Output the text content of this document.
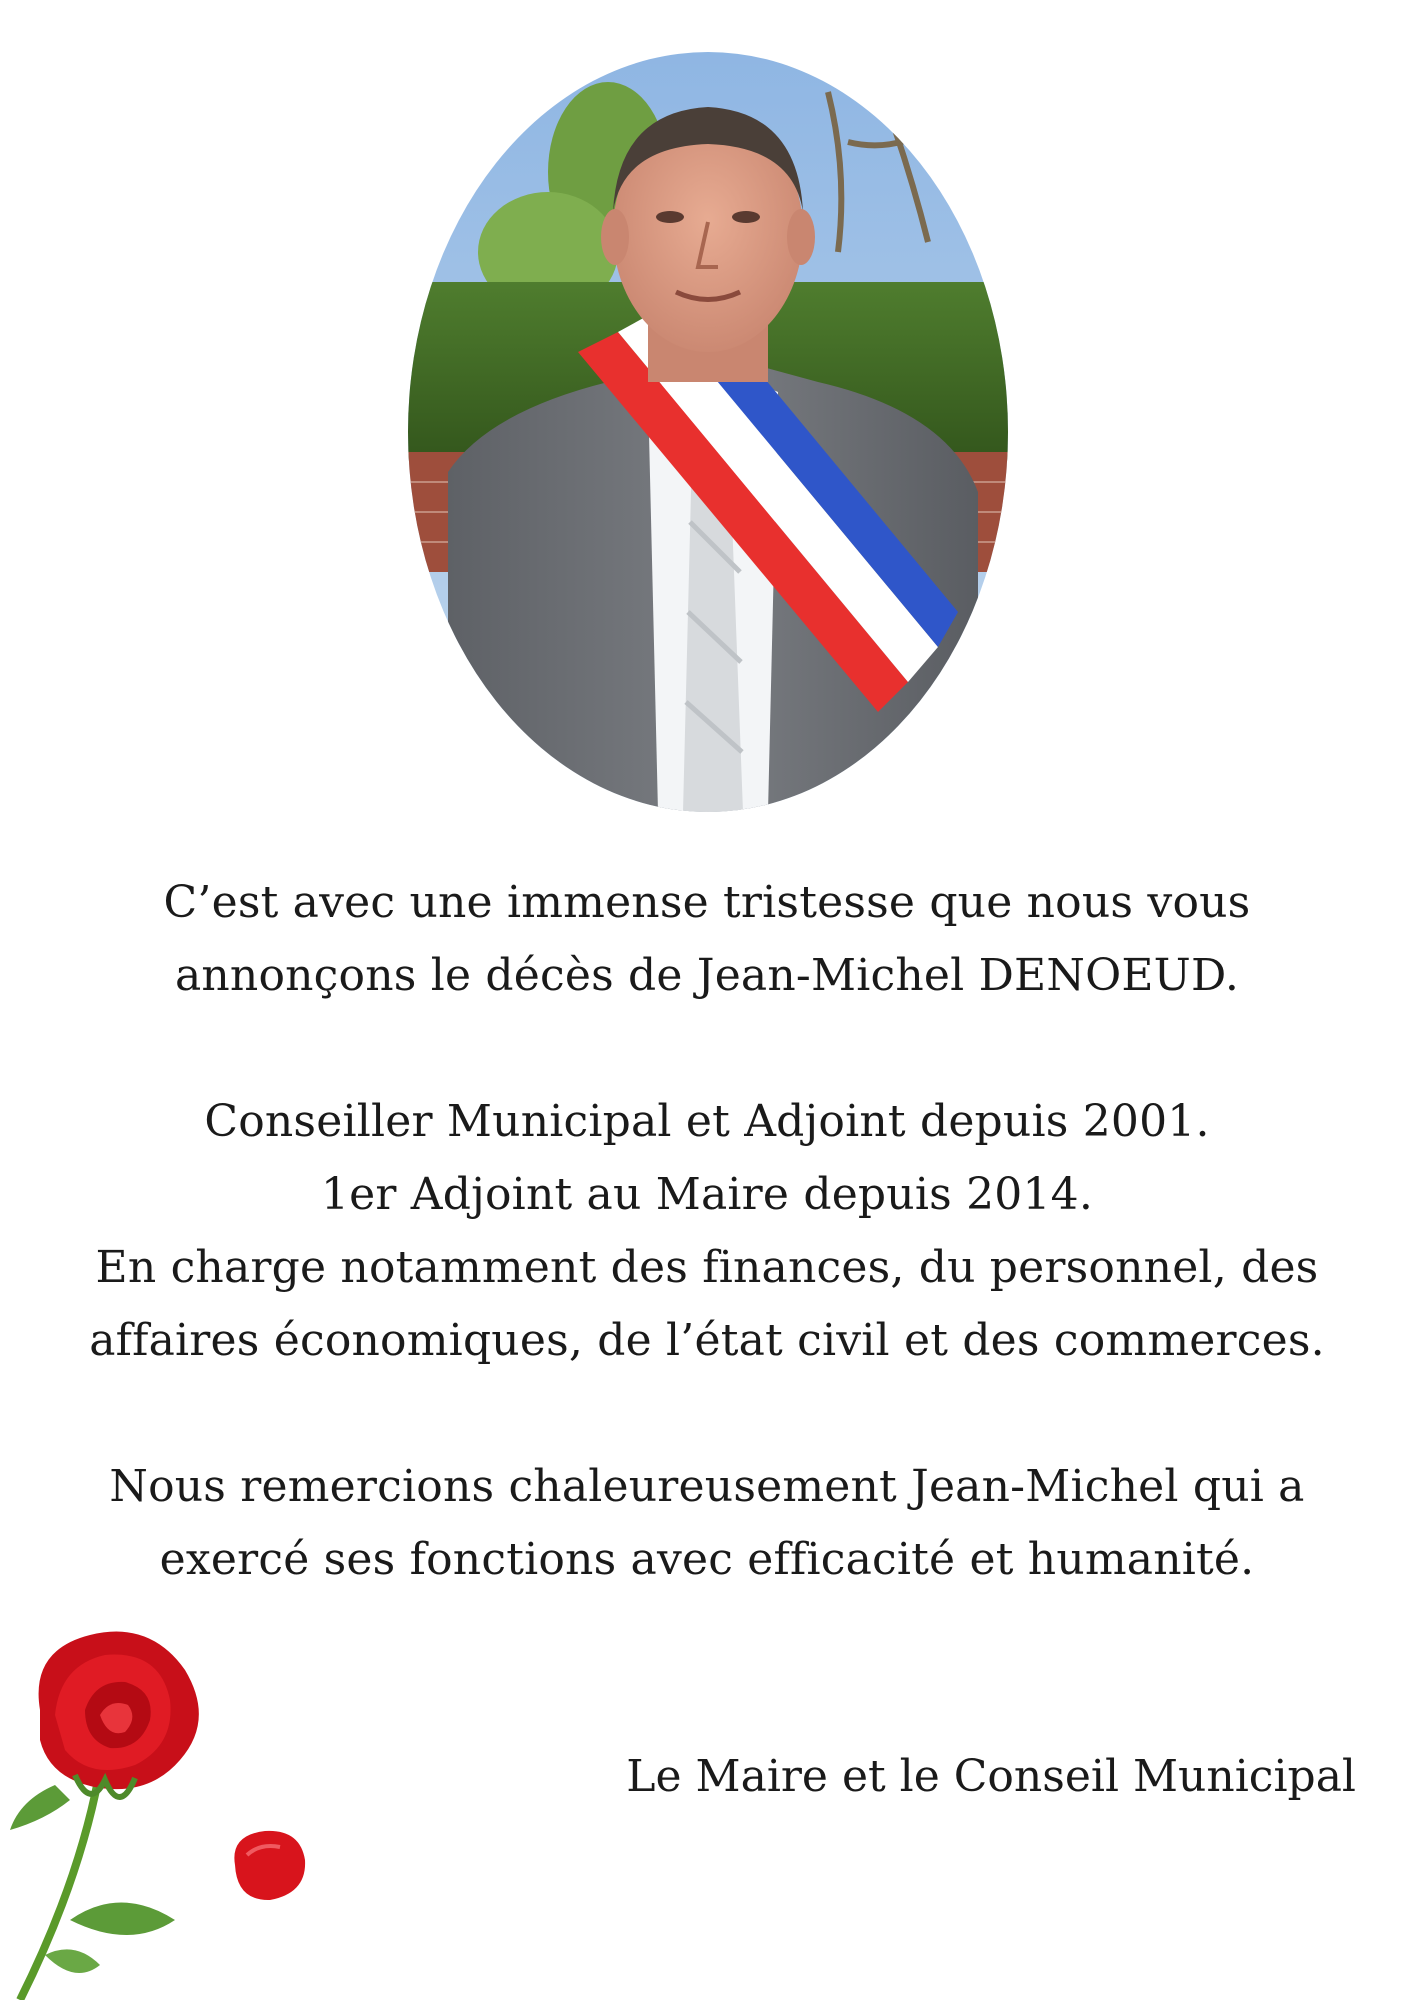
C’est avec une immense tristesse que nous vous

annonçons le décès de Jean-Michel DENOEUD.

Conseiller Municipal et Adjoint depuis 2001.

1er Adjoint au Maire depuis 2014.

En charge notamment des finances, du personnel, des

affaires économiques, de l’état civil et des commerces.

Nous remercions chaleureusement Jean-Michel qui a

exercé ses fonctions avec efficacité et humanité.

Le Maire et le Conseil Municipal
